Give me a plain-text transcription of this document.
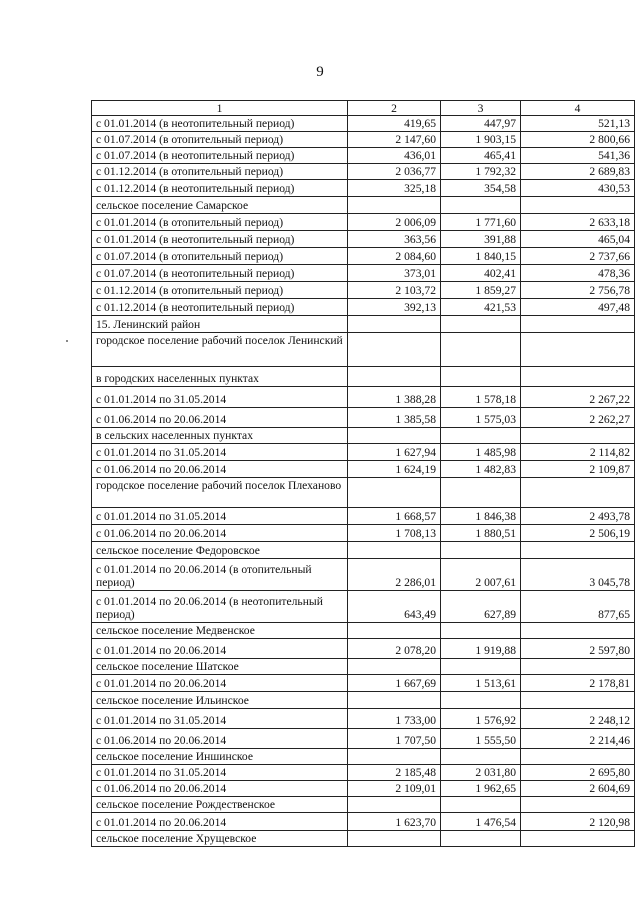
9
1	2	3	4
с 01.01.2014 (в неотопительный период)	419,65	447,97	521,13
с 01.07.2014 (в отопительный период)	2 147,60	1 903,15	2 800,66
с 01.07.2014 (в неотопительный период)	436,01	465,41	541,36
с 01.12.2014 (в отопительный период)	2 036,77	1 792,32	2 689,83
с 01.12.2014 (в неотопительный период)	325,18	354,58	430,53
сельское поселение Самарское			
с 01.01.2014 (в отопительный период)	2 006,09	1 771,60	2 633,18
с 01.01.2014 (в неотопительный период)	363,56	391,88	465,04
с 01.07.2014 (в отопительный период)	2 084,60	1 840,15	2 737,66
с 01.07.2014 (в неотопительный период)	373,01	402,41	478,36
с 01.12.2014 (в отопительный период)	2 103,72	1 859,27	2 756,78
с 01.12.2014 (в неотопительный период)	392,13	421,53	497,48
15. Ленинский район			
городское поселение рабочий поселок Ленинский			
в городских населенных пунктах			
с 01.01.2014 по 31.05.2014	1 388,28	1 578,18	2 267,22
с 01.06.2014 по 20.06.2014	1 385,58	1 575,03	2 262,27
в сельских населенных пунктах			
с 01.01.2014 по 31.05.2014	1 627,94	1 485,98	2 114,82
с 01.06.2014 по 20.06.2014	1 624,19	1 482,83	2 109,87
городское поселение рабочий поселок Плехановo			
с 01.01.2014 по 31.05.2014	1 668,57	1 846,38	2 493,78
с 01.06.2014 по 20.06.2014	1 708,13	1 880,51	2 506,19
сельское поселение Федоровское			
с 01.01.2014 по 20.06.2014 (в отопительный период)	2 286,01	2 007,61	3 045,78
с 01.01.2014 по 20.06.2014 (в неотопительный период)	643,49	627,89	877,65
сельское поселение Медвенское			
с 01.01.2014 по 20.06.2014	2 078,20	1 919,88	2 597,80
сельское поселение Шатское			
с 01.01.2014 по 20.06.2014	1 667,69	1 513,61	2 178,81
сельское поселение Ильинское			
с 01.01.2014 по 31.05.2014	1 733,00	1 576,92	2 248,12
с 01.06.2014 по 20.06.2014	1 707,50	1 555,50	2 214,46
сельское поселение Иншинское			
с 01.01.2014 по 31.05.2014	2 185,48	2 031,80	2 695,80
с 01.06.2014 по 20.06.2014	2 109,01	1 962,65	2 604,69
сельское поселение Рождественское			
с 01.01.2014 по 20.06.2014	1 623,70	1 476,54	2 120,98
сельское поселение Хрущевское			
